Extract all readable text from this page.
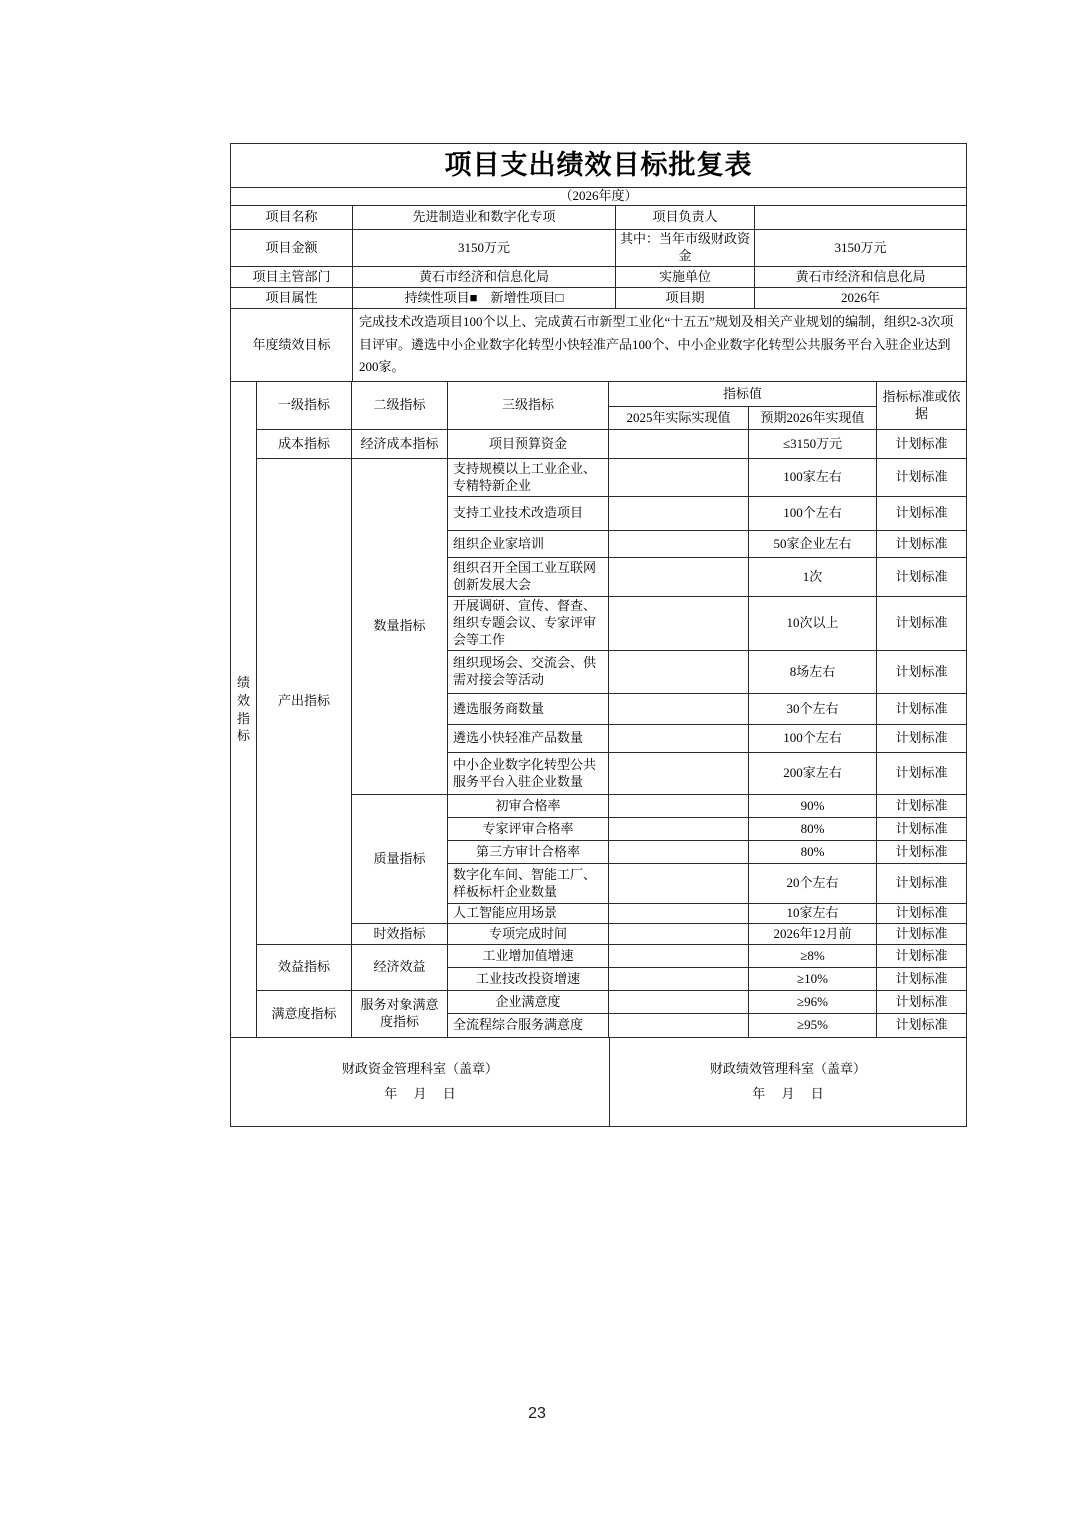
项目支出绩效目标批复表			
（2026年度）			
项目名称	先进制造业和数字化专项	项目负责人	
项目金额	3150万元	其中：当年市级财政资金	3150万元
项目主管部门	黄石市经济和信息化局	实施单位	黄石市经济和信息化局
项目属性	持续性项目■　新增性项目□	项目期	2026年
年度绩效目标	完成技术改造项目100个以上、完成黄石市新型工业化“十五五”规划及相关产业规划的编制，组织2-3次项目评审。遴选中小企业数字化转型小快轻准产品100个、中小企业数字化转型公共服务平台入驻企业达到200家。		
绩效指标	一级指标	二级指标	三级指标	指标值		指标标准或依据
				2025年实际实现值	预期2026年实现值	
	成本指标	经济成本指标	项目预算资金		≤3150万元	计划标准
	产出指标	数量指标	支持规模以上工业企业、专精特新企业		100家左右	计划标准
			支持工业技术改造项目		100个左右	计划标准
			组织企业家培训		50家企业左右	计划标准
			组织召开全国工业互联网创新发展大会		1次	计划标准
			开展调研、宣传、督查、组织专题会议、专家评审会等工作		10次以上	计划标准
			组织现场会、交流会、供需对接会等活动		8场左右	计划标准
			遴选服务商数量		30个左右	计划标准
			遴选小快轻准产品数量		100个左右	计划标准
			中小企业数字化转型公共服务平台入驻企业数量		200家左右	计划标准
		质量指标	初审合格率		90%	计划标准
			专家评审合格率		80%	计划标准
			第三方审计合格率		80%	计划标准
			数字化车间、智能工厂、样板标杆企业数量		20个左右	计划标准
			人工智能应用场景		10家左右	计划标准
		时效指标	专项完成时间		2026年12月前	计划标准
	效益指标	经济效益	工业增加值增速		≥8%	计划标准
			工业技改投资增速		≥10%	计划标准
	满意度指标	服务对象满意度指标	企业满意度		≥96%	计划标准
			全流程综合服务满意度		≥95%	计划标准
财政资金管理科室（盖章）
年　 月　 日

财政绩效管理科室（盖章）
年　 月　 日
23
